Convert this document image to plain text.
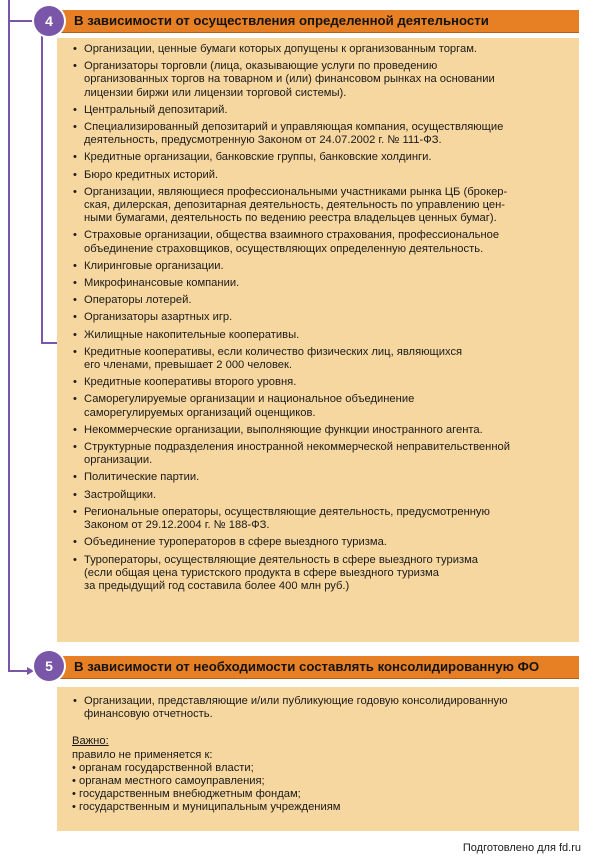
В зависимости от осуществления определенной деятельности
4
• Организации, ценные бумаги которых допущены к организованным торгам.
• Организаторы торговли (лица, оказывающие услуги по проведению
организованных торгов на товарном и (или) финансовом рынках на основании
лицензии биржи или лицензии торговой системы).
• Центральный депозитарий.
• Специализированный депозитарий и управляющая компания, осуществляющие
деятельность, предусмотренную Законом от 24.07.2002 г. № 111-ФЗ.
• Кредитные организации, банковские группы, банковские холдинги.
• Бюро кредитных историй.
• Организации, являющиеся профессиональными участниками рынка ЦБ (брокер-
ская, дилерская, депозитарная деятельность, деятельность по управлению цен-
ными бумагами, деятельность по ведению реестра владельцев ценных бумаг).
• Страховые организации, общества взаимного страхования, профессиональное
объединение страховщиков, осуществляющих определенную деятельность.
• Клиринговые организации.
• Микрофинансовые компании.
• Операторы лотерей.
• Организаторы азартных игр.
• Жилищные накопительные кооперативы.
• Кредитные кооперативы, если количество физических лиц, являющихся
его членами, превышает 2 000 человек.
• Кредитные кооперативы второго уровня.
• Саморегулируемые организации и национальное объединение
саморегулируемых организаций оценщиков.
• Некоммерческие организации, выполняющие функции иностранного агента.
• Структурные подразделения иностранной некоммерческой неправительственной
организации.
• Политические партии.
• Застройщики.
• Региональные операторы, осуществляющие деятельность, предусмотренную
Законом от 29.12.2004 г. № 188-ФЗ.
• Объединение туроператоров в сфере выездного туризма.
• Туроператоры, осуществляющие деятельность в сфере выездного туризма
(если общая цена туристского продукта в сфере выездного туризма
за предыдущий год составила более 400 млн руб.)
В зависимости от необходимости составлять консолидированную ФО
5
• Организации, представляющие и/или публикующие годовую консолидированную
финансовую отчетность.
Важно:
правило не применяется к:
• органам государственной власти;
• органам местного самоуправления;
• государственным внебюджетным фондам;
• государственным и муниципальным учреждениям
Подготовлено для fd.ru
